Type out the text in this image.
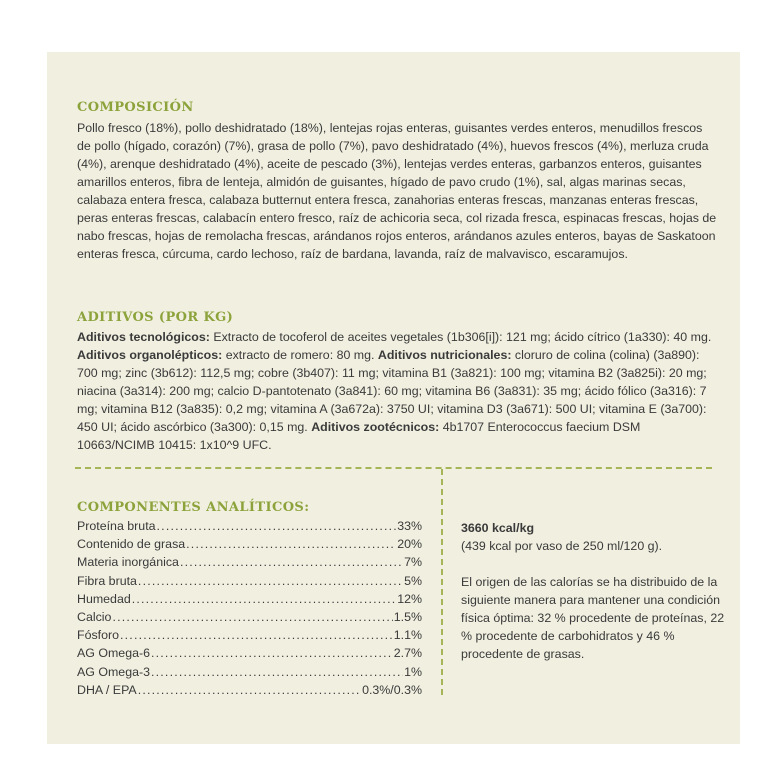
COMPOSICIÓN
Pollo fresco (18%), pollo deshidratado (18%), lentejas rojas enteras, guisantes verdes enteros, menudillos frescos de pollo (hígado, corazón) (7%), grasa de pollo (7%), pavo deshidratado (4%), huevos frescos (4%), merluza cruda (4%), arenque deshidratado (4%), aceite de pescado (3%), lentejas verdes enteras, garbanzos enteros, guisantes amarillos enteros, fibra de lenteja, almidón de guisantes, hígado de pavo crudo (1%), sal, algas marinas secas, calabaza entera fresca, calabaza butternut entera fresca, zanahorias enteras frescas, manzanas enteras frescas, peras enteras frescas, calabacín entero fresco, raíz de achicoria seca, col rizada fresca, espinacas frescas, hojas de nabo frescas, hojas de remolacha frescas, arándanos rojos enteros, arándanos azules enteros, bayas de Saskatoon enteras fresca, cúrcuma, cardo lechoso, raíz de bardana, lavanda, raíz de malvavisco, escaramujos.
ADITIVOS (POR KG)
Aditivos tecnológicos: Extracto de tocoferol de aceites vegetales (1b306[i]): 121 mg; ácido cítrico (1a330): 40 mg. Aditivos organolépticos: extracto de romero: 80 mg. Aditivos nutricionales: cloruro de colina (colina) (3a890): 700 mg; zinc (3b612): 112,5 mg; cobre (3b407): 11 mg; vitamina B1 (3a821): 100 mg; vitamina B2 (3a825i): 20 mg; niacina (3a314): 200 mg; calcio D-pantotenato (3a841): 60 mg; vitamina B6 (3a831): 35 mg; ácido fólico (3a316): 7 mg; vitamina B12 (3a835): 0,2 mg; vitamina A (3a672a): 3750 UI; vitamina D3 (3a671): 500 UI; vitamina E (3a700): 450 UI; ácido ascórbico (3a300): 0,15 mg. Aditivos zootécnicos: 4b1707 Enterococcus faecium DSM 10663/NCIMB 10415: 1x10^9 UFC.
COMPONENTES ANALÍTICOS:
Proteína bruta .....	33%
Contenido de grasa .....	20%
Materia inorgánica .....	7%
Fibra bruta .....	5%
Humedad .....	12%
Calcio .....	1.5%
Fósforo .....	1.1%
AG Omega-6 .....	2.7%
AG Omega-3 .....	1%
DHA / EPA .....	0.3%/0.3%

3660 kcal/kg

(439 kcal por vaso de 250 ml/120 g).

El origen de las calorías se ha distribuido de la siguiente manera para mantener una condición física óptima: 32 % procedente de proteínas, 22 % procedente de carbohidratos y 46 % procedente de grasas.
